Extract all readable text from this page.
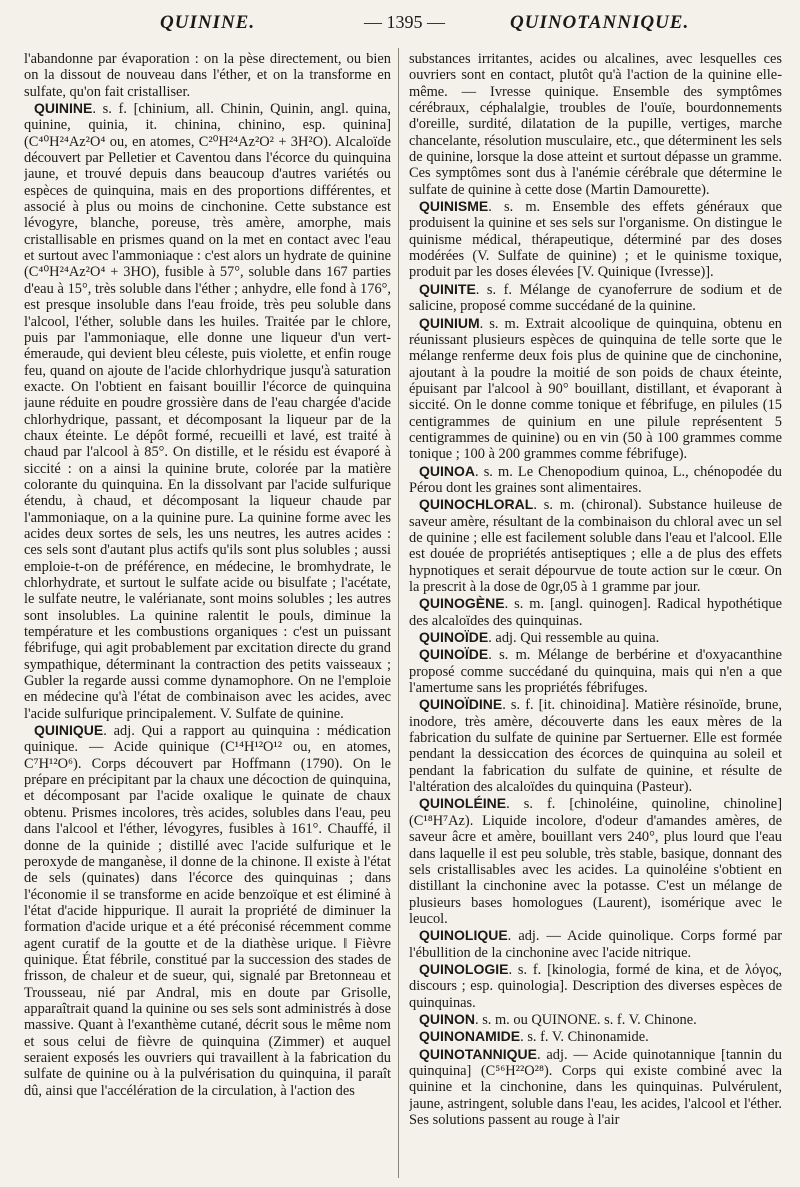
QUININE.	— 1395 —	QUINOTANNIQUE.

l'abandonne par évaporation : on la pèse directement, ou bien on la dissout de nouveau dans l'éther, et on la transforme en sulfate, qu'on fait cristalliser.

QUININE. s. f. [chinium, all. Chinin, Quinin, angl. quina, quinine, quinia, it. chinina, chinino, esp. quinina] (C⁴⁰H²⁴Az²O⁴ ou, en atomes, C²⁰H²⁴Az²O² + 3H²O). Alcaloïde découvert par Pelletier et Caventou dans l'écorce du quinquina jaune, et trouvé depuis dans beaucoup d'autres variétés ou espèces de quinquina, mais en des proportions différentes, et associé à plus ou moins de cinchonine. Cette substance est lévogyre, blanche, poreuse, très amère, amorphe, mais cristallisable en prismes quand on la met en contact avec l'eau et surtout avec l'ammoniaque : c'est alors un hydrate de quinine (C⁴⁰H²⁴Az²O⁴ + 3HO), fusible à 57°, soluble dans 167 parties d'eau à 15°, très soluble dans l'éther ; anhydre, elle fond à 176°, est presque insoluble dans l'eau froide, très peu soluble dans l'alcool, l'éther, soluble dans les huiles. Traitée par le chlore, puis par l'ammoniaque, elle donne une liqueur d'un vert-émeraude, qui devient bleu céleste, puis violette, et enfin rouge feu, quand on ajoute de l'acide chlorhydrique jusqu'à saturation exacte. On l'obtient en faisant bouillir l'écorce de quinquina jaune réduite en poudre grossière dans de l'eau chargée d'acide chlorhydrique, passant, et décomposant la liqueur par de la chaux éteinte. Le dépôt formé, recueilli et lavé, est traité à chaud par l'alcool à 85°. On distille, et le résidu est évaporé à siccité : on a ainsi la quinine brute, colorée par la matière colorante du quinquina. En la dissolvant par l'acide sulfurique étendu, à chaud, et décomposant la liqueur chaude par l'ammoniaque, on a la quinine pure. La quinine forme avec les acides deux sortes de sels, les uns neutres, les autres acides : ces sels sont d'autant plus actifs qu'ils sont plus solubles ; aussi emploie-t-on de préférence, en médecine, le bromhydrate, le chlorhydrate, et surtout le sulfate acide ou bisulfate ; l'acétate, le sulfate neutre, le valérianate, sont moins solubles ; les autres sont insolubles. La quinine ralentit le pouls, diminue la température et les combustions organiques : c'est un puissant fébrifuge, qui agit probablement par excitation directe du grand sympathique, déterminant la contraction des petits vaisseaux ; Gubler la regarde aussi comme dynamophore. On ne l'emploie en médecine qu'à l'état de combinaison avec les acides, avec l'acide sulfurique principalement. V. Sulfate de quinine.

QUINIQUE. adj. Qui a rapport au quinquina : médication quinique. — Acide quinique (C¹⁴H¹²O¹² ou, en atomes, C⁷H¹²O⁶). Corps découvert par Hoffmann (1790). On le prépare en précipitant par la chaux une décoction de quinquina, et décomposant par l'acide oxalique le quinate de chaux obtenu. Prismes incolores, très acides, solubles dans l'eau, peu dans l'alcool et l'éther, lévogyres, fusibles à 161°. Chauffé, il donne de la quinide ; distillé avec l'acide sulfurique et le peroxyde de manganèse, il donne de la chinone. Il existe à l'état de sels (quinates) dans l'écorce des quinquinas ; dans l'économie il se transforme en acide benzoïque et est éliminé à l'état d'acide hippurique. Il aurait la propriété de diminuer la formation d'acide urique et a été préconisé récemment comme agent curatif de la goutte et de la diathèse urique. ‖ Fièvre quinique. État fébrile, constitué par la succession des stades de frisson, de chaleur et de sueur, qui, signalé par Bretonneau et Trousseau, nié par Andral, mis en doute par Grisolle, apparaîtrait quand la quinine ou ses sels sont administrés à dose massive. Quant à l'exanthème cutané, décrit sous le même nom et sous celui de fièvre de quinquina (Zimmer) et auquel seraient exposés les ouvriers qui travaillent à la fabrication du sulfate de quinine ou à la pulvérisation du quinquina, il paraît dû, ainsi que l'accélération de la circulation, à l'action des

substances irritantes, acides ou alcalines, avec lesquelles ces ouvriers sont en contact, plutôt qu'à l'action de la quinine elle-même. — Ivresse quinique. Ensemble des symptômes cérébraux, céphalalgie, troubles de l'ouïe, bourdonnements d'oreille, surdité, dilatation de la pupille, vertiges, marche chancelante, résolution musculaire, etc., que déterminent les sels de quinine, lorsque la dose atteint et surtout dépasse un gramme. Ces symptômes sont dus à l'anémie cérébrale que détermine le sulfate de quinine à cette dose (Martin Damourette).

QUINISME. s. m. Ensemble des effets généraux que produisent la quinine et ses sels sur l'organisme. On distingue le quinisme médical, thérapeutique, déterminé par des doses modérées (V. Sulfate de quinine) ; et le quinisme toxique, produit par les doses élevées [V. Quinique (Ivresse)].

QUINITE. s. f. Mélange de cyanoferrure de sodium et de salicine, proposé comme succédané de la quinine.

QUINIUM. s. m. Extrait alcoolique de quinquina, obtenu en réunissant plusieurs espèces de quinquina de telle sorte que le mélange renferme deux fois plus de quinine que de cinchonine, ajoutant à la poudre la moitié de son poids de chaux éteinte, épuisant par l'alcool à 90° bouillant, distillant, et évaporant à siccité. On le donne comme tonique et fébrifuge, en pilules (15 centigrammes de quinium en une pilule représentent 5 centigrammes de quinine) ou en vin (50 à 100 grammes comme tonique ; 100 à 200 grammes comme fébrifuge).

QUINOA. s. m. Le Chenopodium quinoa, L., chénopodée du Pérou dont les graines sont alimentaires.

QUINOCHLORAL. s. m. (chironal). Substance huileuse de saveur amère, résultant de la combinaison du chloral avec un sel de quinine ; elle est facilement soluble dans l'eau et l'alcool. Elle est douée de propriétés antiseptiques ; elle a de plus des effets hypnotiques et serait dépourvue de toute action sur le cœur. On la prescrit à la dose de 0gr,05 à 1 gramme par jour.

QUINOGÈNE. s. m. [angl. quinogen]. Radical hypothétique des alcaloïdes des quinquinas.

QUINOÏDE. adj. Qui ressemble au quina.

QUINOÏDE. s. m. Mélange de berbérine et d'oxyacanthine proposé comme succédané du quinquina, mais qui n'en a que l'amertume sans les propriétés fébrifuges.

QUINOÏDINE. s. f. [it. chinoidina]. Matière résinoïde, brune, inodore, très amère, découverte dans les eaux mères de la fabrication du sulfate de quinine par Sertuerner. Elle est formée pendant la dessiccation des écorces de quinquina au soleil et pendant la fabrication du sulfate de quinine, et résulte de l'altération des alcaloïdes du quinquina (Pasteur).

QUINOLÉINE. s. f. [chinoléine, quinoline, chinoline] (C¹⁸H⁷Az). Liquide incolore, d'odeur d'amandes amères, de saveur âcre et amère, bouillant vers 240°, plus lourd que l'eau dans laquelle il est peu soluble, très stable, basique, donnant des sels cristallisables avec les acides. La quinoléine s'obtient en distillant la cinchonine avec la potasse. C'est un mélange de plusieurs bases homologues (Laurent), isomérique avec le leucol.

QUINOLIQUE. adj. — Acide quinolique. Corps formé par l'ébullition de la cinchonine avec l'acide nitrique.

QUINOLOGIE. s. f. [kinologia, formé de kina, et de λόγος, discours ; esp. quinologia]. Description des diverses espèces de quinquinas.

QUINON. s. m. ou QUINONE. s. f. V. Chinone.

QUINONAMIDE. s. f. V. Chinonamide.

QUINOTANNIQUE. adj. — Acide quinotannique [tannin du quinquina] (C⁵⁶H²²O²⁸). Corps qui existe combiné avec la quinine et la cinchonine, dans les quinquinas. Pulvérulent, jaune, astringent, soluble dans l'eau, les acides, l'alcool et l'éther. Ses solutions passent au rouge à l'air
